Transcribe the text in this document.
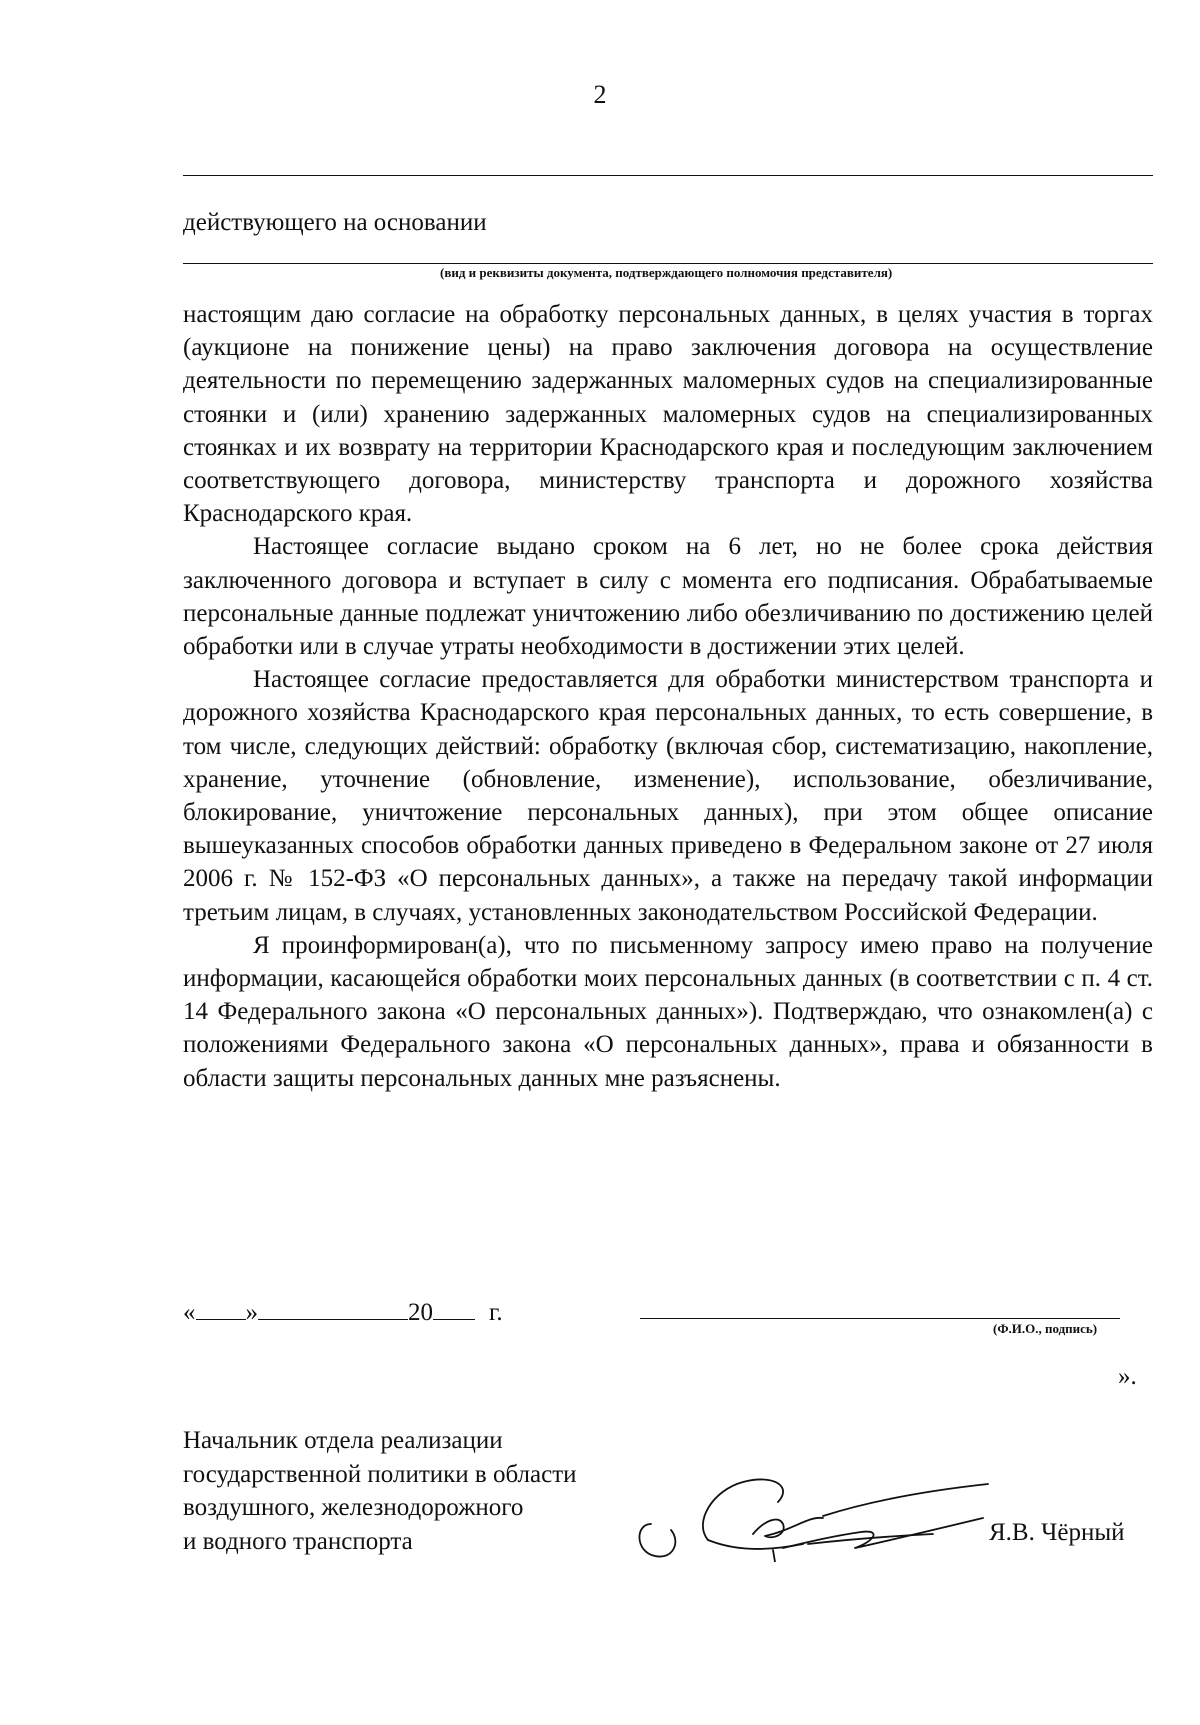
2
действующего на основании
(вид и реквизиты документа, подтверждающего полномочия представителя)

настоящим даю согласие на обработку персональных данных, в целях участия в торгах (аукционе на понижение цены) на право заключения договора на осуществление деятельности по перемещению задержанных маломерных судов на специализированные стоянки и (или) хранению задержанных маломерных судов на специализированных стоянках и их возврату на территории Краснодарского края и последующим заключением соответствующего договора, министерству транспорта и дорожного хозяйства Краснодарского края.

Настоящее согласие выдано сроком на 6 лет, но не более срока действия заключенного договора и вступает в силу с момента его подписания. Обрабатываемые персональные данные подлежат уничтожению либо обезличиванию по достижению целей обработки или в случае утраты необходимости в достижении этих целей.

Настоящее согласие предоставляется для обработки министерством транспорта и дорожного хозяйства Краснодарского края персональных данных, то есть совершение, в том числе, следующих действий: обработку (включая сбор, систематизацию, накопление, хранение, уточнение (обновление, изменение), использование, обезличивание, блокирование, уничтожение персональных данных), при этом общее описание вышеуказанных способов обработки данных приведено в Федеральном законе от 27 июля 2006 г. № 152-ФЗ «О персональных данных», а также на передачу такой информации третьим лицам, в случаях, установленных законодательством Российской Федерации.

Я проинформирован(а), что по письменному запросу имею право на получение информации, касающейся обработки моих персональных данных (в соответствии с п. 4 ст. 14 Федерального закона «О персональных данных»). Подтверждаю, что ознакомлен(а) с положениями Федерального закона «О персональных данных», права и обязанности в области защиты персональных данных мне разъяснены.

« »	20 г.
(Ф.И.О., подпись)
».
Начальник отдела реализации
государственной политики в области
воздушного, железнодорожного
и водного транспорта	Я.В. Чёрный
